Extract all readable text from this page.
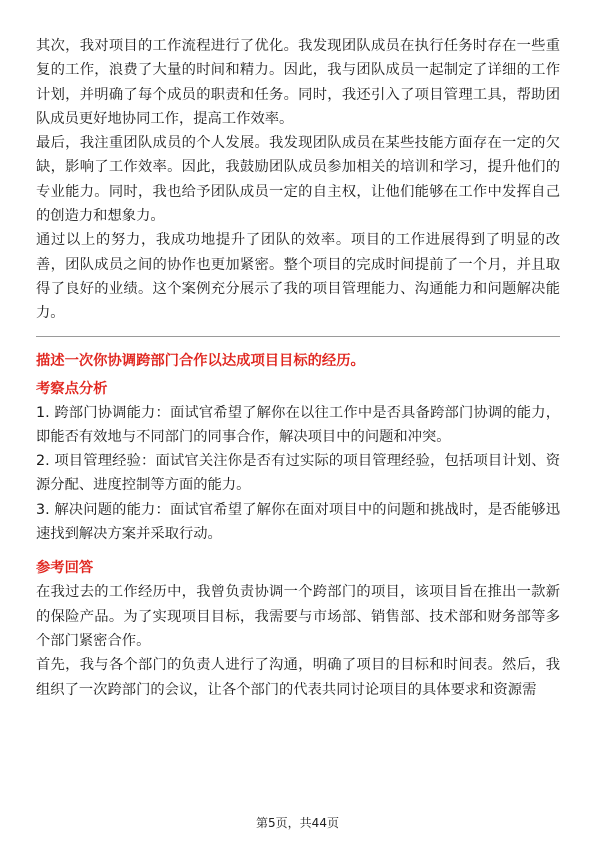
其次，我对项目的工作流程进行了优化。我发现团队成员在执行任务时存在一些重复的工作，浪费了大量的时间和精力。因此，我与团队成员一起制定了详细的工作计划，并明确了每个成员的职责和任务。同时，我还引入了项目管理工具，帮助团队成员更好地协同工作，提高工作效率。

最后，我注重团队成员的个人发展。我发现团队成员在某些技能方面存在一定的欠缺，影响了工作效率。因此，我鼓励团队成员参加相关的培训和学习，提升他们的专业能力。同时，我也给予团队成员一定的自主权，让他们能够在工作中发挥自己的创造力和想象力。

通过以上的努力，我成功地提升了团队的效率。项目的工作进展得到了明显的改善，团队成员之间的协作也更加紧密。整个项目的完成时间提前了一个月，并且取得了良好的业绩。这个案例充分展示了我的项目管理能力、沟通能力和问题解决能力。

描述一次你协调跨部门合作以达成项目目标的经历。
考察点分析

1. 跨部门协调能力：面试官希望了解你在以往工作中是否具备跨部门协调的能力，即能否有效地与不同部门的同事合作，解决项目中的问题和冲突。

2. 项目管理经验：面试官关注你是否有过实际的项目管理经验，包括项目计划、资源分配、进度控制等方面的能力。

3. 解决问题的能力：面试官希望了解你在面对项目中的问题和挑战时，是否能够迅速找到解决方案并采取行动。

参考回答

在我过去的工作经历中，我曾负责协调一个跨部门的项目，该项目旨在推出一款新的保险产品。为了实现项目目标，我需要与市场部、销售部、技术部和财务部等多个部门紧密合作。

首先，我与各个部门的负责人进行了沟通，明确了项目的目标和时间表。然后，我组织了一次跨部门的会议，让各个部门的代表共同讨论项目的具体要求和资源需

第5页，共44页
